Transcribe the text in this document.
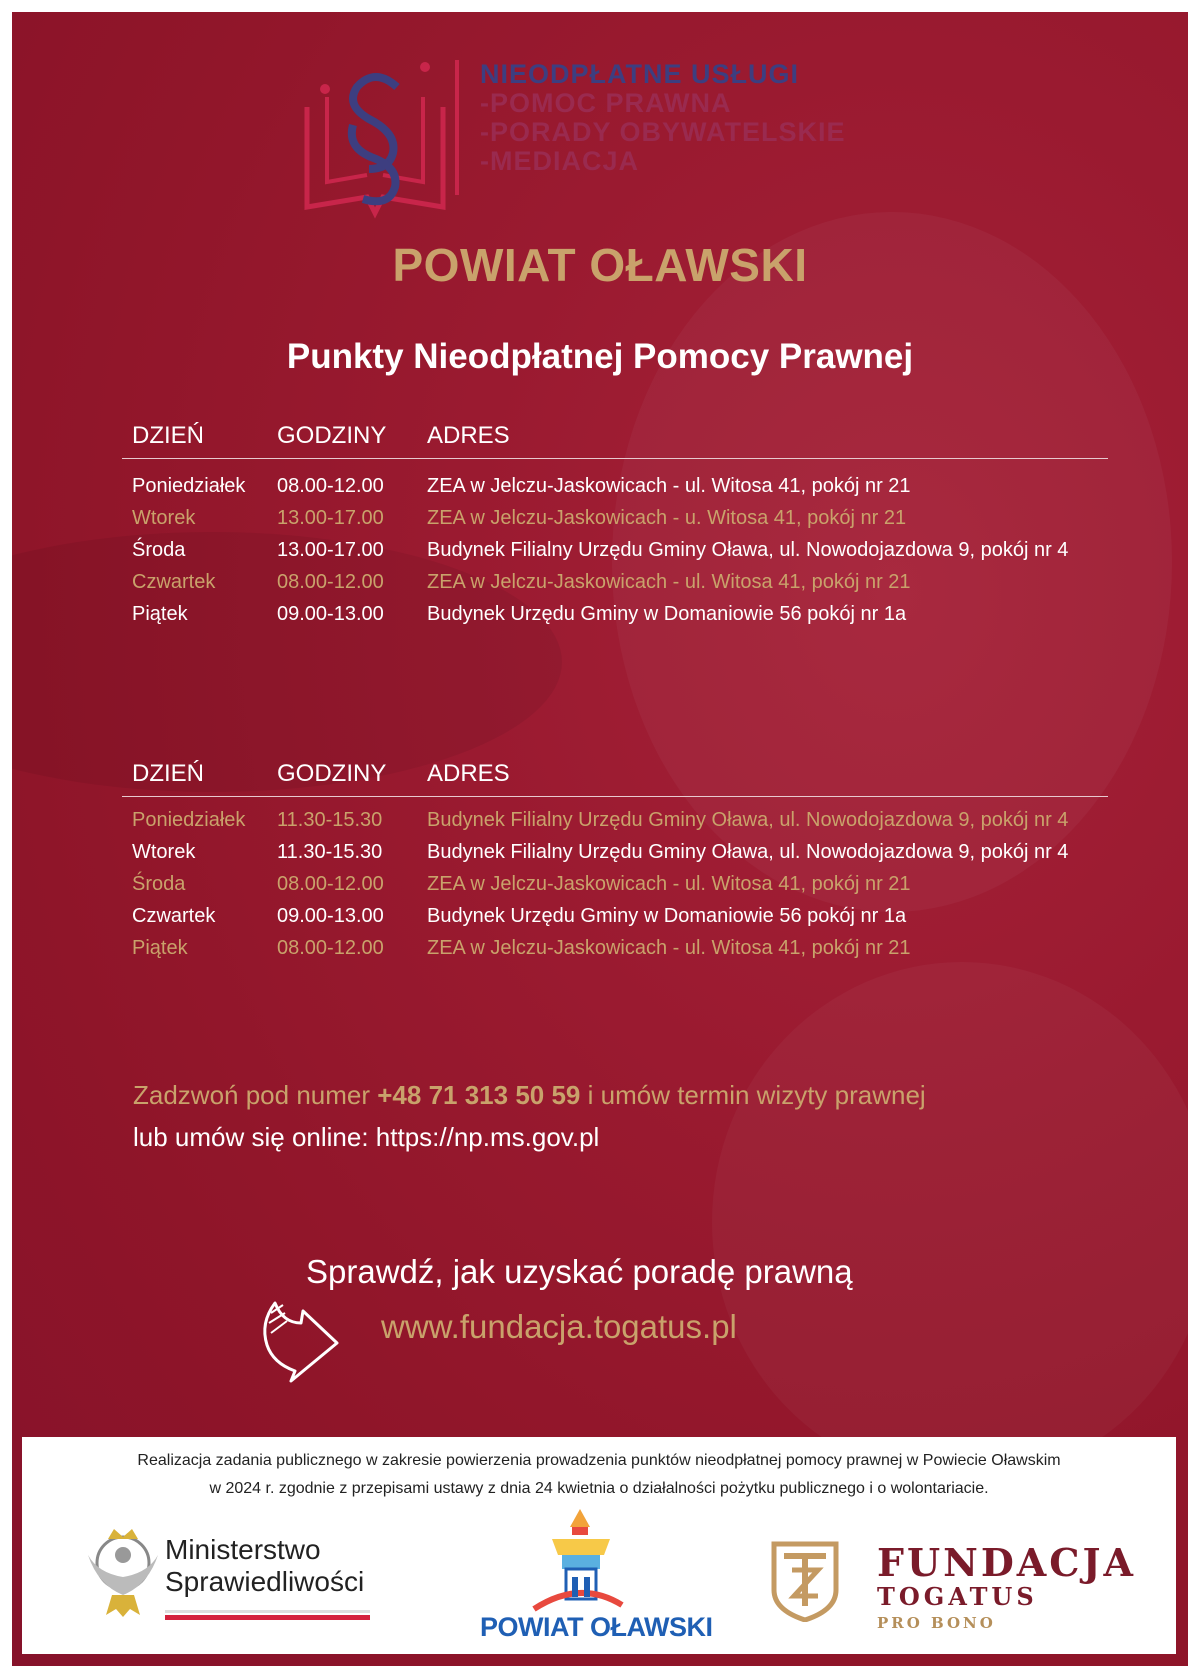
NIEODPŁATNE USŁUGI
-POMOC PRAWNA
-PORADY OBYWATELSKIE
-MEDIACJA
POWIAT OŁAWSKI
Punkty Nieodpłatnej Pomocy Prawnej
DZIEŃ	GODZINY ADRES
Poniedziałek 08.00-12.00 ZEA w Jelczu-Jaskowicach - ul. Witosa 41, pokój nr 21
Wtorek	13.00-17.00 ZEA w Jelczu-Jaskowicach - u. Witosa 41, pokój nr 21
Środa	13.00-17.00 Budynek Filialny Urzędu Gminy Oława, ul. Nowodojazdowa 9, pokój nr 4
Czwartek	08.00-12.00 ZEA w Jelczu-Jaskowicach - ul. Witosa 41, pokój nr 21
Piątek	09.00-13.00 Budynek Urzędu Gminy w Domaniowie 56 pokój nr 1a
DZIEŃ	GODZINY ADRES
Poniedziałek 11.30-15.30 Budynek Filialny Urzędu Gminy Oława, ul. Nowodojazdowa 9, pokój nr 4
Wtorek	11.30-15.30 Budynek Filialny Urzędu Gminy Oława, ul. Nowodojazdowa 9, pokój nr 4
Środa	08.00-12.00 ZEA w Jelczu-Jaskowicach - ul. Witosa 41, pokój nr 21
Czwartek	09.00-13.00 Budynek Urzędu Gminy w Domaniowie 56 pokój nr 1a
Piątek	08.00-12.00 ZEA w Jelczu-Jaskowicach - ul. Witosa 41, pokój nr 21
Zadzwoń pod numer +48 71 313 50 59 i umów termin wizyty prawnej
lub umów się online: https://np.ms.gov.pl
Sprawdź, jak uzyskać poradę prawną
www.fundacja.togatus.pl
Realizacja zadania publicznego w zakresie powierzenia prowadzenia punktów nieodpłatnej pomocy prawnej w Powiecie Oławskim
w 2024 r. zgodnie z przepisami ustawy z dnia 24 kwietnia o działalności pożytku publicznego i o wolontariacie.
Ministerstwo
Sprawiedliwości
POWIAT OŁAWSKI
FUNDACJA
TOGATUS
PRO BONO
